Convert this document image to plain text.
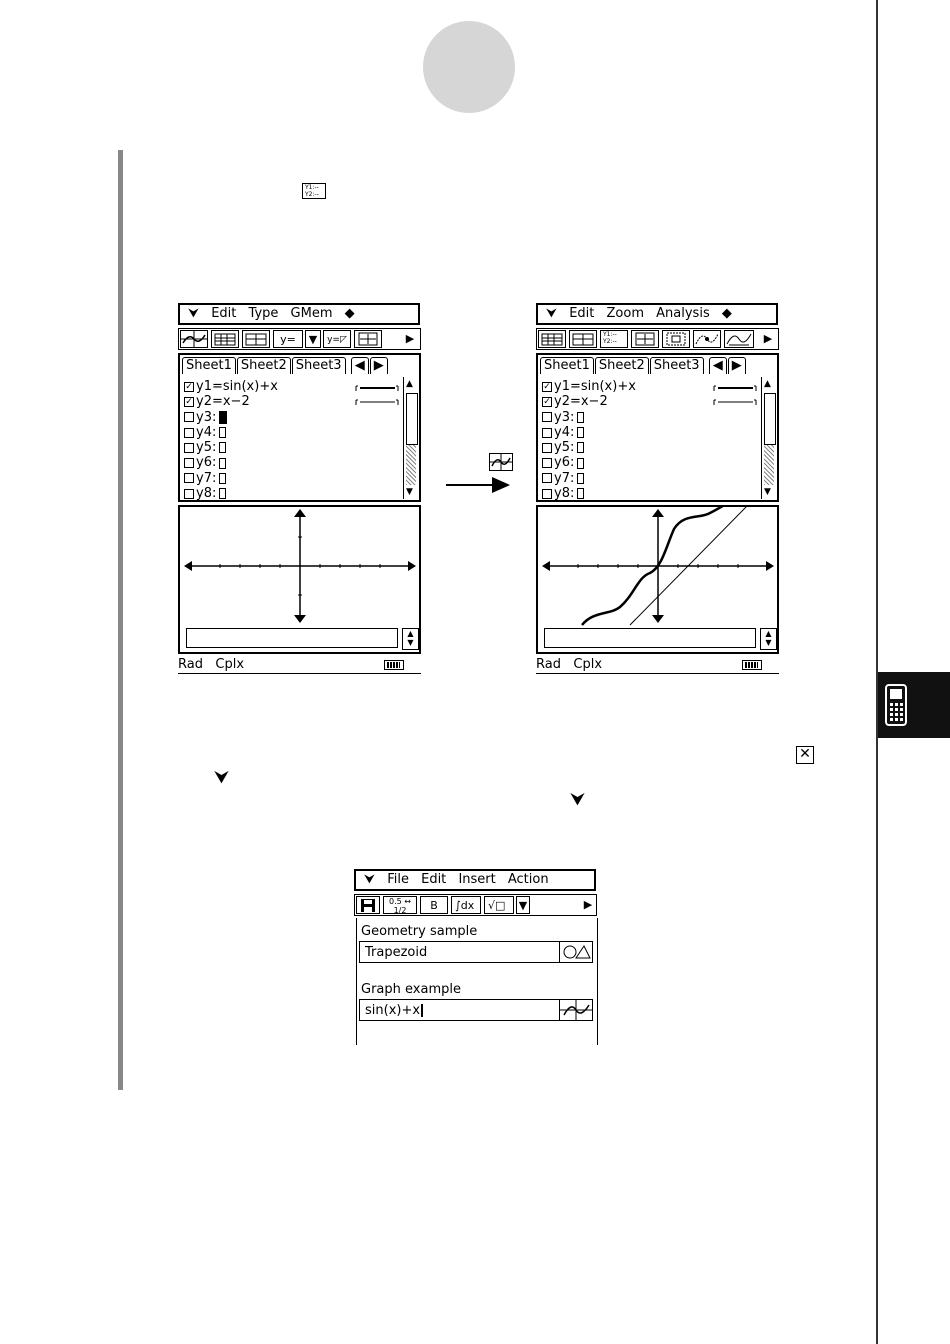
Y1:--
Y2:--
⮟ Edit Type GMem ◆
y=	▼	y=◸	▶
Sheet1 Sheet2 Sheet3 ◀ ▶
✓ y1= sin(x)+x
✓ y2= x−2
y3:
y4:
y5:
y6:
y7:
y8:
▲
▼
▲
▼
Rad Cplx
⮟ Edit Zoom Analysis ◆
Y1:--
Y2:--	▶
Sheet1 Sheet2 Sheet3 ◀ ▶
✓ y1= sin(x)+x
✓ y2= x−2
y3:
y4:
y5:
y6:
y7:
y8:
▲
▼
▲
▼
Rad Cplx
✕
⮟
⮟
⮟ File Edit Insert Action
0.5 ↔ 1/2	B	∫dx √□ ▼	▶
Geometry sample
Trapezoid
Graph example
sin(x)+x
